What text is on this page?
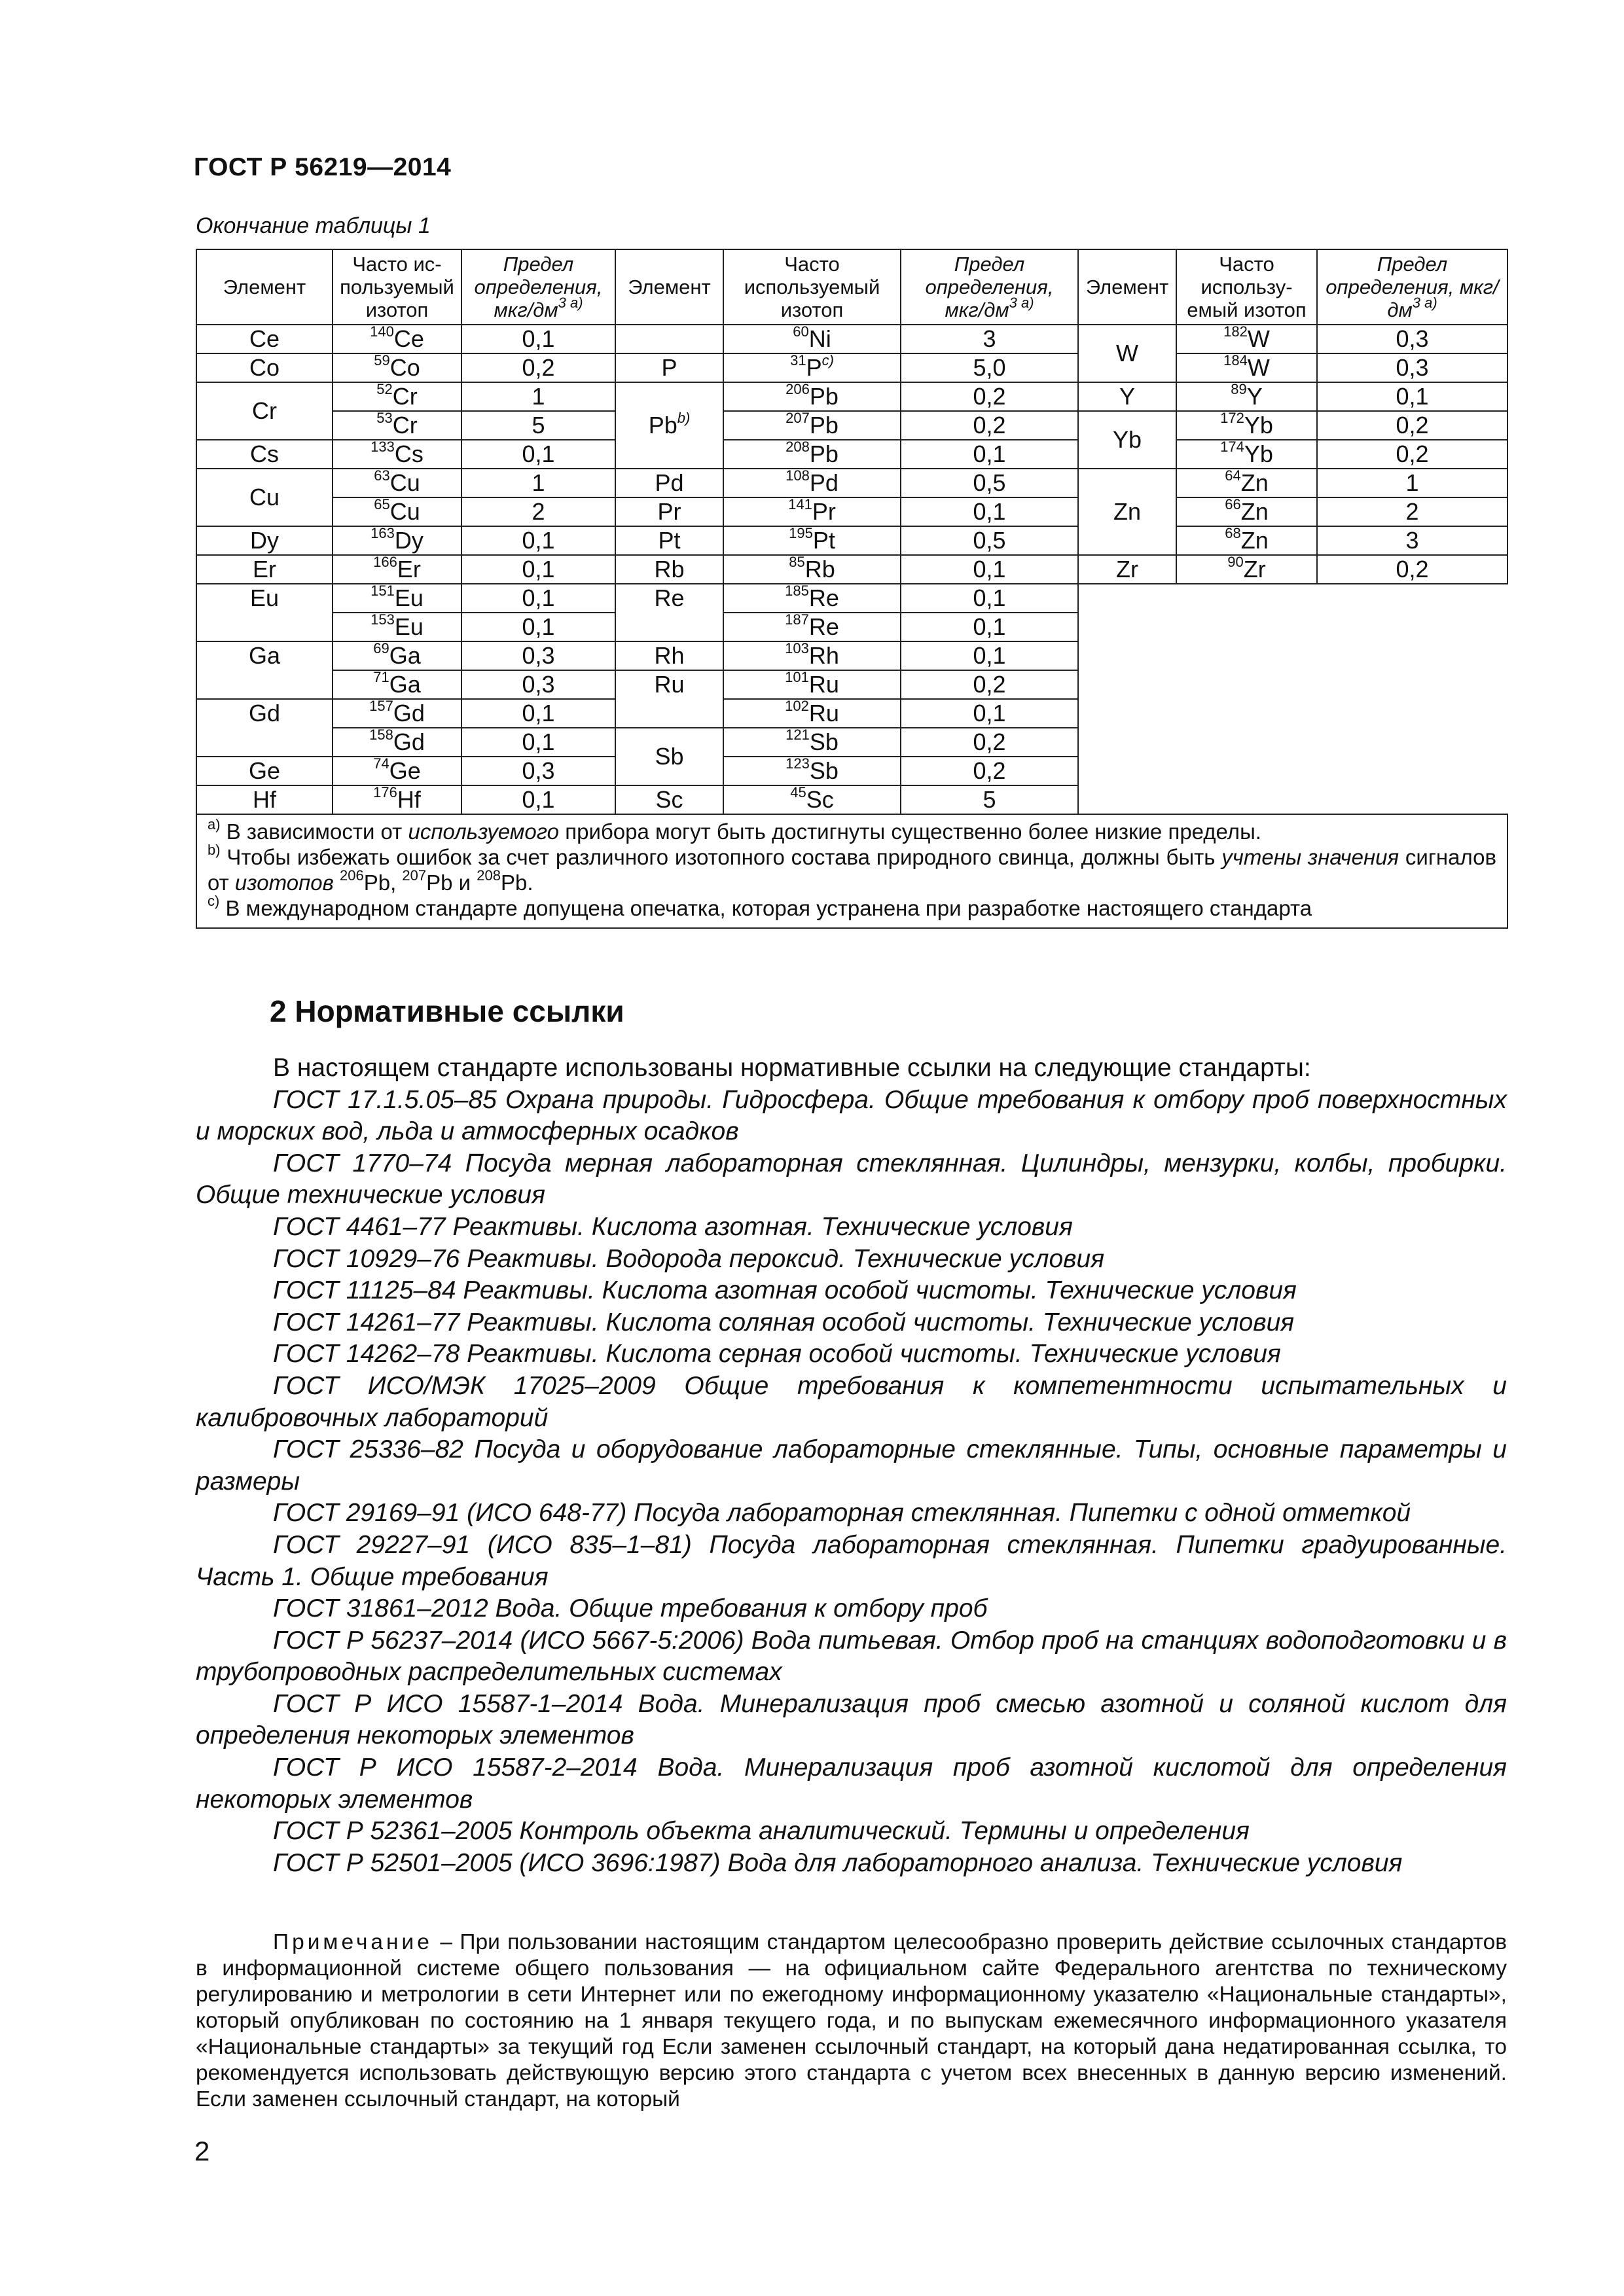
ГОСТ Р 56219—2014
Окончание таблицы 1
Элемент	Часто ис-пользуемый изотоп	Предел определения, мкг/$дм^{3 a)}$	Элемент	Часто используемый изотоп	Предел определения, мкг/$дм^{3 a)}$	Элемент	Часто использу-емый изотоп	Предел определения, мкг/$дм^{3 a)}$
Ce	$^{140}$Ce	0,1		$^{60}$Ni	3	W	$^{182}$W	0,3
Co	$^{59}$Co	0,2	P	$^{31}P^{c)}$	5,0		$^{184}$W	0,3
Cr	$^{52}$Cr	1	Pb$^{b)}$	$^{206}$Pb	0,2	Y	$^{89}$Y	0,1
	$^{53}$Cr	5		$^{207}$Pb	0,2	Yb	$^{172}$Yb	0,2
Cs	$^{133}$Cs	0,1		$^{208}$Pb	0,1		$^{174}$Yb	0,2
Cu	$^{63}$Cu	1	Pd	$^{108}$Pd	0,5	Zn	$^{64}$Zn	1
	$^{65}$Cu	2	Pr	$^{141}$Pr	0,1		$^{66}$Zn	2
Dy	$^{163}$Dy	0,1	Pt	$^{195}$Pt	0,5		$^{68}$Zn	3
Er	$^{166}$Er	0,1	Rb	$^{85}$Rb	0,1	Zr	$^{90}$Zr	0,2
Eu	$^{151}$Eu	0,1	Re	$^{185}$Re	0,1			
	$^{153}$Eu	0,1		$^{187}$Re	0,1			
Ga	$^{69}$Ga	0,3	Rh	$^{103}$Rh	0,1			
	$^{71}$Ga	0,3	Ru	$^{101}$Ru	0,2			
Gd	$^{157}$Gd	0,1		$^{102}$Ru	0,1			
	$^{158}$Gd	0,1	Sb	$^{121}$Sb	0,2			
Ge	$^{74}$Ge	0,3		$^{123}$Sb	0,2			
Hf	$^{176}$Hf	0,1	Sc	$^{45}$Sc	5			

$^{a)}$ В зависимости от используемого прибора могут быть достигнуты существенно более низкие пределы.

$^{b)}$ Чтобы избежать ошибок за счет различного изотопного состава природного свинца, должны быть учтены значения сигналов от изотопов $^{206}$Pb, $^{207}$Pb и $^{208}$Pb.

$^{c)}$ В международном стандарте допущена опечатка, которая устранена при разработке настоящего стандарта								

2 Нормативные ссылки

В настоящем стандарте использованы нормативные ссылки на следующие стандарты:

ГОСТ 17.1.5.05–85 Охрана природы. Гидросфера. Общие требования к отбору проб поверхностных и морских вод, льда и атмосферных осадков

ГОСТ 1770–74 Посуда мерная лабораторная стеклянная. Цилиндры, мензурки, колбы, пробирки. Общие технические условия

ГОСТ 4461–77 Реактивы. Кислота азотная. Технические условия

ГОСТ 10929–76 Реактивы. Водорода пероксид. Технические условия

ГОСТ 11125–84 Реактивы. Кислота азотная особой чистоты. Технические условия

ГОСТ 14261–77 Реактивы. Кислота соляная особой чистоты. Технические условия

ГОСТ 14262–78 Реактивы. Кислота серная особой чистоты. Технические условия

ГОСТ ИСО/МЭК 17025–2009 Общие требования к компетентности испытательных и калибровочных лабораторий

ГОСТ 25336–82 Посуда и оборудование лабораторные стеклянные. Типы, основные параметры и размеры

ГОСТ 29169–91 (ИСО 648-77) Посуда лабораторная стеклянная. Пипетки с одной отметкой

ГОСТ 29227–91 (ИСО 835–1–81) Посуда лабораторная стеклянная. Пипетки градуированные. Часть 1. Общие требования

ГОСТ 31861–2012 Вода. Общие требования к отбору проб

ГОСТ Р 56237–2014 (ИСО 5667-5:2006) Вода питьевая. Отбор проб на станциях водоподготовки и в трубопроводных распределительных системах

ГОСТ Р ИСО 15587-1–2014 Вода. Минерализация проб смесью азотной и соляной кислот для определения некоторых элементов

ГОСТ Р ИСО 15587-2–2014 Вода. Минерализация проб азотной кислотой для определения некоторых элементов

ГОСТ Р 52361–2005 Контроль объекта аналитический. Термины и определения

ГОСТ Р 52501–2005 (ИСО 3696:1987) Вода для лабораторного анализа. Технические условия

Примечание – При пользовании настоящим стандартом целесообразно проверить действие ссылочных стандартов в информационной системе общего пользования — на официальном сайте Федерального агентства по техническому регулированию и метрологии в сети Интернет или по ежегодному информационному указателю «Национальные стандарты», который опубликован по состоянию на 1 января текущего года, и по выпускам ежемесячного информационного указателя «Национальные стандарты» за текущий год Если заменен ссылочный стандарт, на который дана недатированная ссылка, то рекомендуется использовать действующую версию этого стандарта с учетом всех внесенных в данную версию изменений. Если заменен ссылочный стандарт, на который

2
